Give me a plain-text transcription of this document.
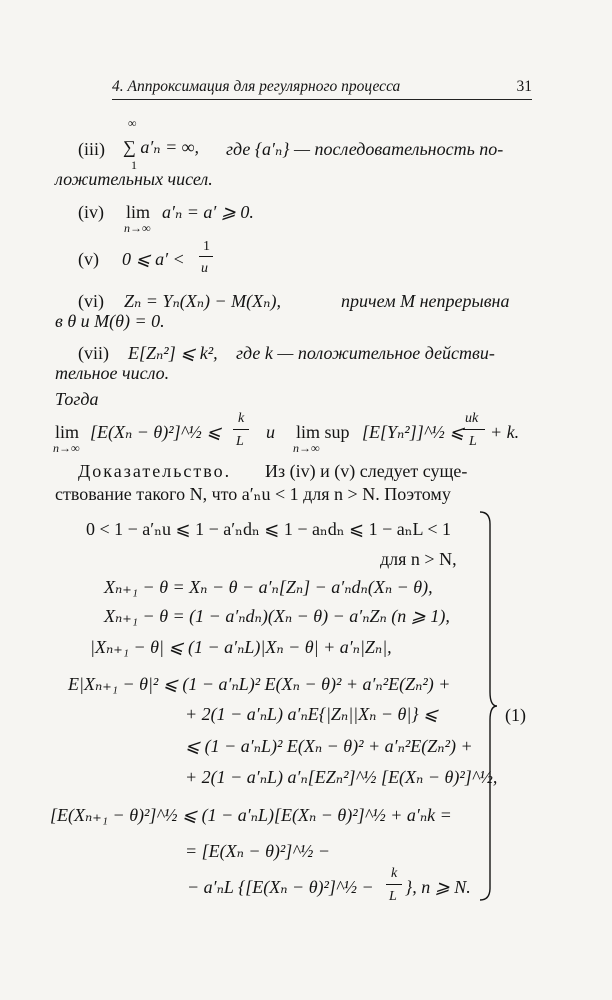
4. Аппроксимация для регулярного процесса	31
(iii)
∞
1
∑ a′ₙ = ∞, где {a′ₙ} — последовательность по-
ложительных чисел.
(iv) lim
n→∞
a′ₙ = a′ ⩾ 0.
(v) 0 ⩽ a′ <
1
u
(vi) Zₙ = Yₙ(Xₙ) − M(Xₙ),	причем M непрерывна
в θ и M(θ) = 0.
(vii) E[Zₙ²] ⩽ k², где k — положительное действи-
тельное число.
Тогда
lim
n→∞
[E(Xₙ − θ)²]^½ ⩽
k
L и lim sup
n→∞
[E[Yₙ²]]^½ ⩽
uk
L + k.
Доказательство. Из (iv) и (v) следует суще-
ствование такого N, что a′ₙu < 1 для n > N. Поэтому
0 < 1 − a′ₙu ⩽ 1 − a′ₙdₙ ⩽ 1 − aₙdₙ ⩽ 1 − aₙL < 1
для n > N,
Xₙ₊₁ − θ = Xₙ − θ − a′ₙ[Zₙ] − a′ₙdₙ(Xₙ − θ),
Xₙ₊₁ − θ = (1 − a′ₙdₙ)(Xₙ − θ) − a′ₙZₙ (n ⩾ 1),
|Xₙ₊₁ − θ| ⩽ (1 − a′ₙL)|Xₙ − θ| + a′ₙ|Zₙ|,
E|Xₙ₊₁ − θ|² ⩽ (1 − a′ₙL)² E(Xₙ − θ)² + a′ₙ²E(Zₙ²) +
+ 2(1 − a′ₙL) a′ₙE{|Zₙ||Xₙ − θ|} ⩽
⩽ (1 − a′ₙL)² E(Xₙ − θ)² + a′ₙ²E(Zₙ²) +
+ 2(1 − a′ₙL) a′ₙ[EZₙ²]^½ [E(Xₙ − θ)²]^½,
[E(Xₙ₊₁ − θ)²]^½ ⩽ (1 − a′ₙL)[E(Xₙ − θ)²]^½ + a′ₙk =
= [E(Xₙ − θ)²]^½ −
− a′ₙL {[E(Xₙ − θ)²]^½ −
k
L }, n ⩾ N.
(1)
